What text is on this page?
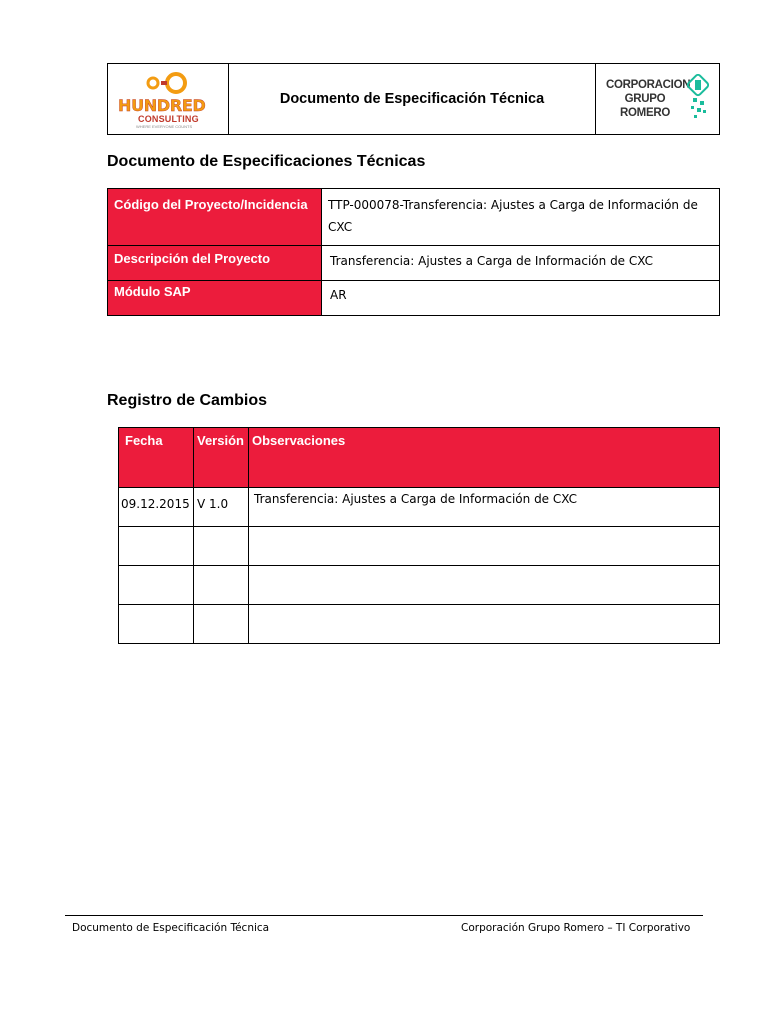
HUNDRED
CONSULTING
WHERE EVERYONE COUNTS
Documento de Especificación Técnica
CORPORACION
GRUPO
ROMERO
Documento de Especificaciones Técnicas
Código del Proyecto/Incidencia	TTP-000078-Transferencia: Ajustes a Carga de Información de CXC
Descripción del Proyecto	Transferencia: Ajustes a Carga de Información de CXC
Módulo SAP	AR
Registro de Cambios
Fecha	Versión	Observaciones
09.12.2015	V 1.0	Transferencia: Ajustes a Carga de Información de CXC

Documento de Especificación Técnica	Corporación Grupo Romero – TI Corporativo
